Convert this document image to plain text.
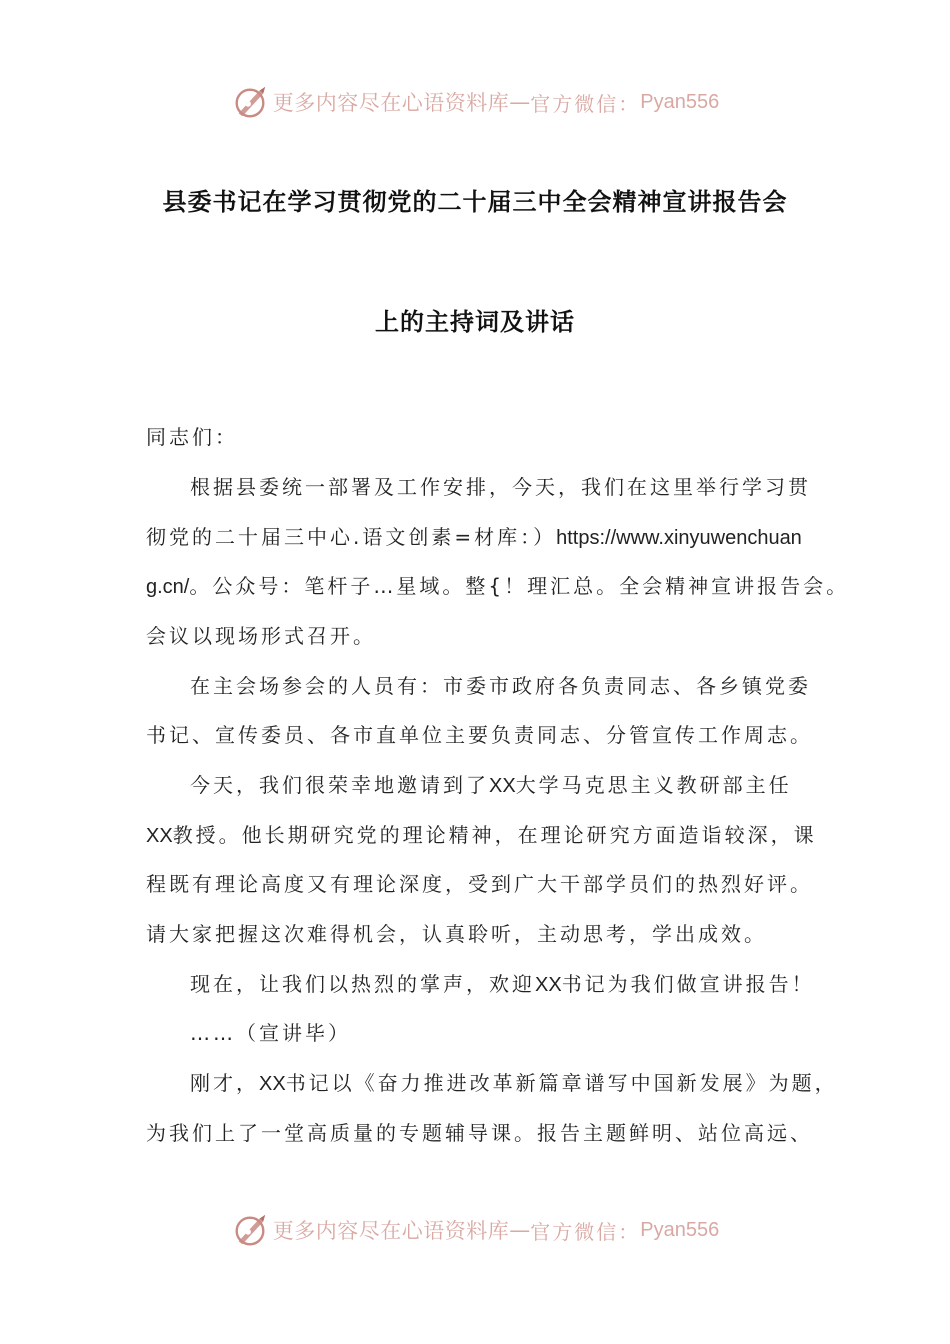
更多内容尽在心语资料库 — 官方微信： Pyan556
县委书记在学习贯彻党的二十届三中全会精神宣讲报告会
上的主持词及讲话
同志们：
根据县委统一部署及工作安排，今天，我们在这里举行学习贯
彻党的二十届三中心.语文创素=材库：）https://www.xinyuwenchuan
g.cn/。公众号：笔杆子…星域。整{！理汇总。全会精神宣讲报告会。
会议以现场形式召开。
在主会场参会的人员有：市委市政府各负责同志、各乡镇党委
书记、宣传委员、各市直单位主要负责同志、分管宣传工作周志。
今天，我们很荣幸地邀请到了XX大学马克思主义教研部主任
XX教授。他长期研究党的理论精神，在理论研究方面造诣较深，课
程既有理论高度又有理论深度，受到广大干部学员们的热烈好评。
请大家把握这次难得机会，认真聆听，主动思考，学出成效。
现在，让我们以热烈的掌声，欢迎XX书记为我们做宣讲报告！
……（宣讲毕）
刚才，XX书记以《奋力推进改革新篇章谱写中国新发展》为题，
为我们上了一堂高质量的专题辅导课。报告主题鲜明、站位高远、
更多内容尽在心语资料库 — 官方微信： Pyan556
